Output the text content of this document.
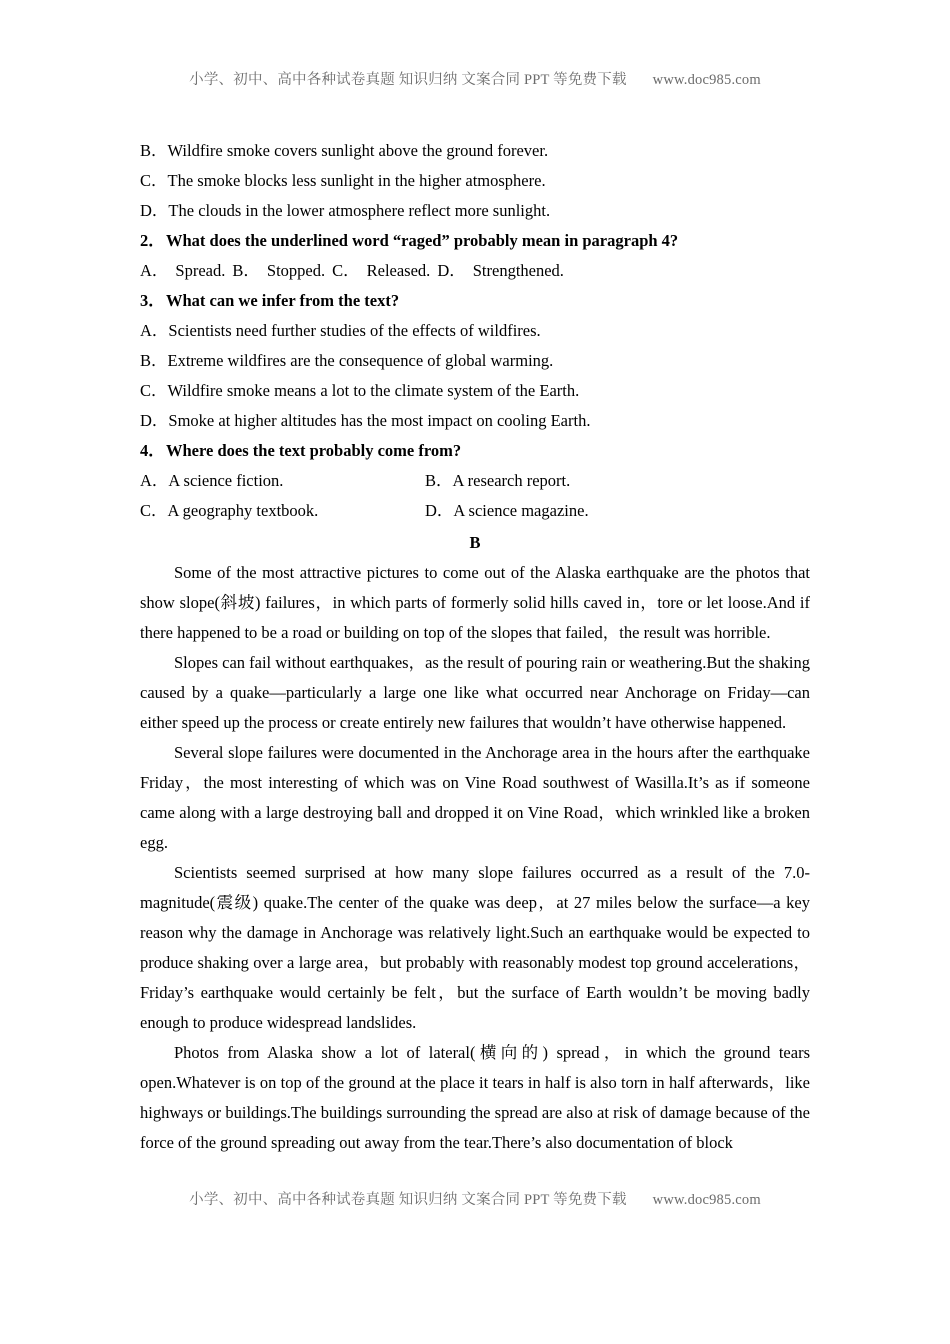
小学、初中、高中各种试卷真题 知识归纳 文案合同 PPT 等免费下载 www.doc985.com
B．Wildfire smoke covers sunlight above the ground forever.
C．The smoke blocks less sunlight in the higher atmosphere.
D．The clouds in the lower atmosphere reflect more sunlight.
2．What does the underlined word “raged” probably mean in paragraph 4?
A． Spread. B． Stopped. C． Released. D． Strengthened.
3．What can we infer from the text?
A．Scientists need further studies of the effects of wildfires.
B．Extreme wildfires are the consequence of global warming.
C．Wildfire smoke means a lot to the climate system of the Earth.
D．Smoke at higher altitudes has the most impact on cooling Earth.
4．Where does the text probably come from?
A．A science fiction.	B．A research report.
C．A geography textbook.	D．A science magazine.
B

Some of the most attractive pictures to come out of the Alaska earthquake are the photos that show slope(斜坡) failures，in which parts of formerly solid hills caved in，tore or let loose.And if there happened to be a road or building on top of the slopes that failed，the result was horrible.

Slopes can fail without earthquakes，as the result of pouring rain or weathering.But the shaking caused by a quake—particularly a large one like what occurred near Anchorage on Friday—can either speed up the process or create entirely new failures that wouldn’t have otherwise happened.

Several slope failures were documented in the Anchorage area in the hours after the earthquake Friday，the most interesting of which was on Vine Road southwest of Wasilla.It’s as if someone came along with a large destroying ball and dropped it on Vine Road，which wrinkled like a broken egg.

Scientists seemed surprised at how many slope failures occurred as a result of the 7.0-magnitude(震级) quake.The center of the quake was deep，at 27 miles below the surface—a key reason why the damage in Anchorage was relatively light.Such an earthquake would be expected to produce shaking over a large area，but probably with reasonably modest top ground accelerations，Friday’s earthquake would certainly be felt，but the surface of Earth wouldn’t be moving badly enough to produce widespread landslides.

Photos from Alaska show a lot of lateral(横向的) spread，in which the ground tears open.Whatever is on top of the ground at the place it tears in half is also torn in half afterwards，like highways or buildings.The buildings surrounding the spread are also at risk of damage because of the force of the ground spreading out away from the tear.There’s also documentation of block

小学、初中、高中各种试卷真题 知识归纳 文案合同 PPT 等免费下载 www.doc985.com
